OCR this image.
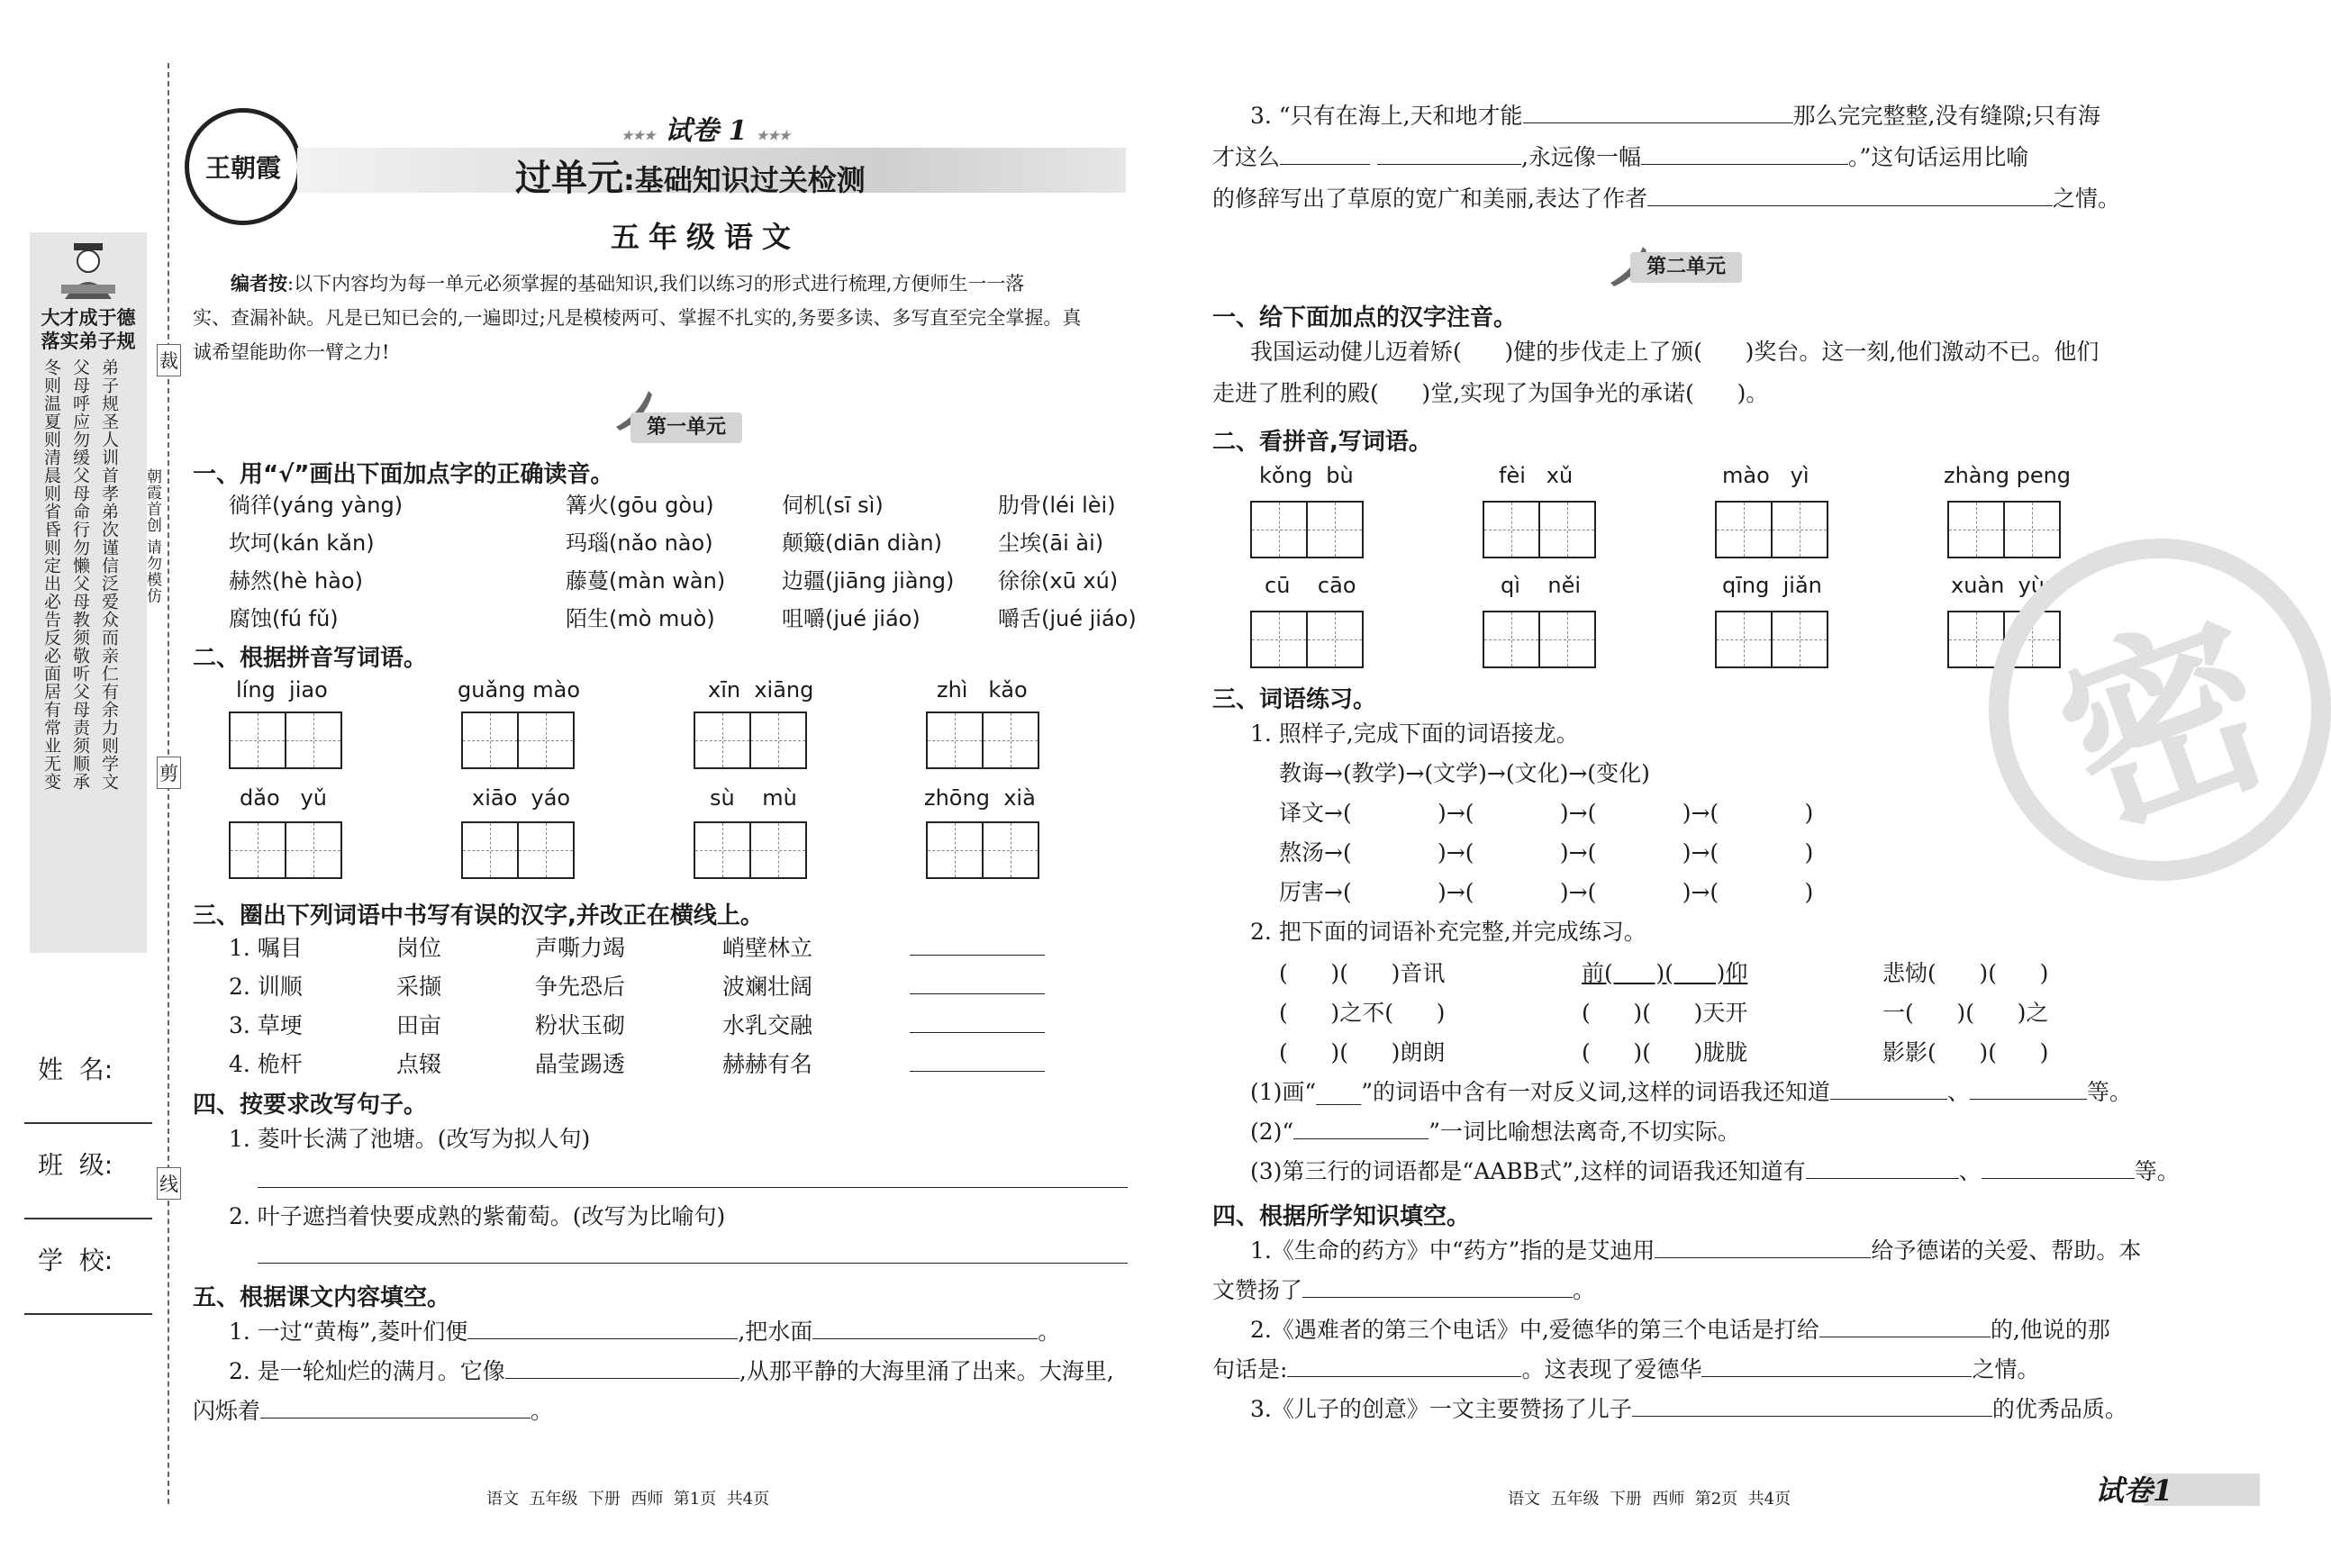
大才成于德
落实弟子规
弟子规圣人训首孝弟次谨信泛爱众而亲仁有余力则学文
父母呼应勿缓父母命行勿懒父母教须敬听父母责须顺承
冬则温夏则清晨则省昏则定出必告反必面居有常业无变
姓  名:
班  级:
学  校:
裁
剪
线
朝霞首创 请勿模仿
王朝霞
★★★ 试卷 1 ★★★
过单元:基础知识过关检测
五年级语文
编者按:以下内容均为每一单元必须掌握的基础知识,我们以练习的形式进行梳理,方便师生一一落
实、查漏补缺。凡是已知已会的,一遍即过;凡是模棱两可、掌握不扎实的,务要多读、多写直至完全掌握。真
诚希望能助你一臂之力!
第一单元
一、用“√”画出下面加点字的正确读音。
徜徉(yáng yàng)	篝火(gōu gòu)	伺机(sī sì)	肋骨(léi lèi)
坎坷(kán kǎn)	玛瑙(nǎo nào)	颠簸(diān diàn)	尘埃(āi ài)
赫然(hè hào)	藤蔓(màn wàn)	边疆(jiāng jiàng)	徐徐(xū xú)
腐蚀(fú fǔ)	陌生(mò muò)	咀嚼(jué jiáo)	嚼舌(jué jiáo)
二、根据拼音写词语。
líng  jiao	guǎng mào	xīn  xiāng	zhì   kǎo
dǎo   yǔ	xiāo  yáo	sù    mù	zhōng  xià
三、圈出下列词语中书写有误的汉字,并改正在横线上。
1. 嘱目	岗位	声嘶力竭	峭壁林立
2. 训顺	采撷	争先恐后	波斓壮阔
3. 草埂	田亩	粉状玉砌	水乳交融
4. 桅杆	点辍	晶莹踢透	赫赫有名
四、按要求改写句子。
1. 菱叶长满了池塘。(改写为拟人句)
2. 叶子遮挡着快要成熟的紫葡萄。(改写为比喻句)
五、根据课文内容填空。
1. 一过“黄梅”,菱叶们便	,把水面	。
2. 是一轮灿烂的满月。它像	,从那平静的大海里涌了出来。大海里,
闪烁着	。
3. “只有在海上,天和地才能	那么完完整整,没有缝隙;只有海
才这么	,永远像一幅	。”这句话运用比喻
的修辞写出了草原的宽广和美丽,表达了作者	之情。
第二单元
一、给下面加点的汉字注音。
我国运动健儿迈着矫(      )健的步伐走上了颁(      )奖台。这一刻,他们激动不已。他们
走进了胜利的殿(      )堂,实现了为国争光的承诺(      )。
二、看拼音,写词语。
kǒng  bù	fèi   xǔ	mào   yì	zhàng peng
cū    cāo	qì    něi	qīng  jiǎn	xuàn  yùn
三、词语练习。
1. 照样子,完成下面的词语接龙。
教诲→(教学)→(文学)→(文化)→(变化)
译文→(            )→(            )→(            )→(            )
熬汤→(            )→(            )→(            )→(            )
厉害→(            )→(            )→(            )→(            )
2. 把下面的词语补充完整,并完成练习。
(      )(      )音讯	前(      )(      )仰	悲恸(      )(      )
(      )之不(      )	(      )(      )天开	一(      )(      )之
(      )(      )朗朗	(      )(      )胧胧	影影(      )(      )
(1)画“____”的词语中含有一对反义词,这样的词语我还知道	、	等。
(2)“	”一词比喻想法离奇,不切实际。
(3)第三行的词语都是“AABB式”,这样的词语我还知道有	、	等。
四、根据所学知识填空。
1.《生命的药方》中“药方”指的是艾迪用	给予德诺的关爱、帮助。本
文赞扬了	。
2.《遇难者的第三个电话》中,爱德华的第三个电话是打给	的,他说的那
句话是:	。这表现了爱德华	之情。
3.《儿子的创意》一文主要赞扬了儿子	的优秀品质。
密
语文  五年级  下册  西师  第1页  共4页	语文  五年级  下册  西师  第2页  共4页	试卷1
